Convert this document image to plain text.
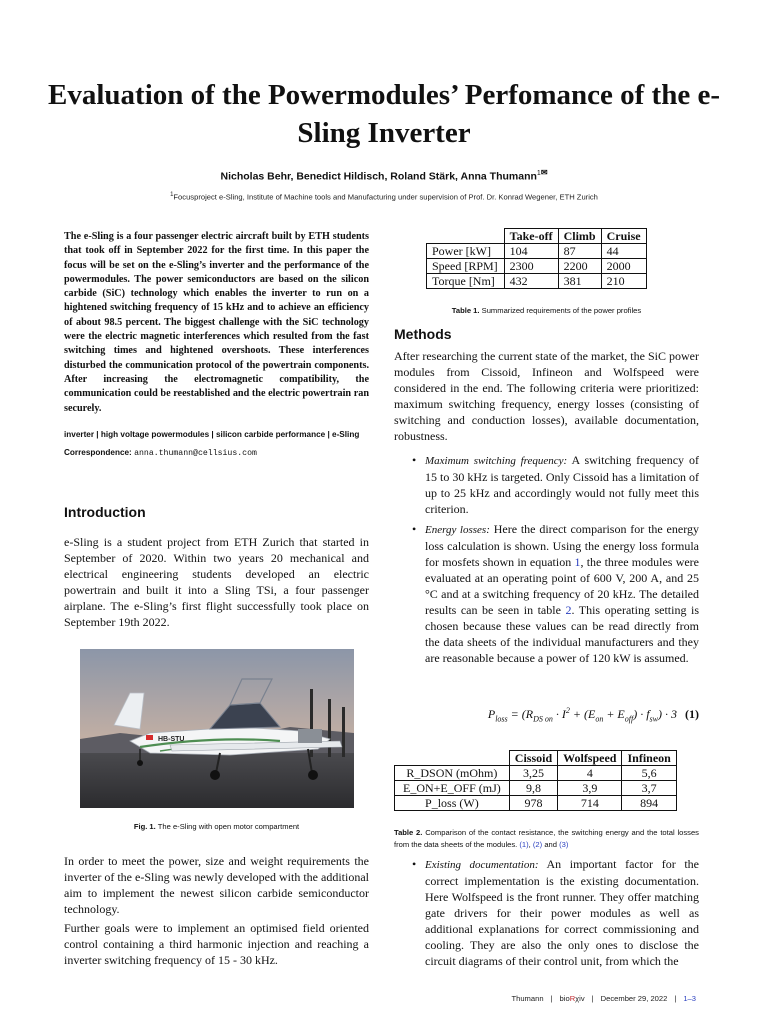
Evaluation of the Powermodules’ Perfomance of the e-Sling Inverter
Nicholas Behr, Benedict Hildisch, Roland Stärk, Anna Thumann$^{1✉}$
$^1$Focusproject e-Sling, Institute of Machine tools and Manufacturing under supervision of Prof. Dr. Konrad Wegener, ETH Zurich

The e-Sling is a four passenger electric aircraft built by ETH students that took off in September 2022 for the first time. In this paper the focus will be set on the e-Sling’s inverter and the performance of the powermodules. The power semiconductors are based on the silicon carbide (SiC) technology which enables the inverter to run on a hightened switching frequency of 15 kHz and to achieve an efficiency of about 98.5 percent. The biggest challenge with the SiC technology were the electric magnetic interferences which resulted from the fast switching times and hightened overshoots. These interferences disturbed the communication protocol of the powertrain components. After increasing the electromagnetic compatibility, the communication could be reestablished and the electric powertrain ran securely.

inverter | high voltage powermodules | silicon carbide performance | e-Sling

Correspondence: anna.thumann@cellsius.com

Introduction

e-Sling is a student project from ETH Zurich that started in September of 2020. Within two years 20 mechanical and electrical engineering students developed an electric powertrain and built it into a Sling TSi, a four passenger airplane. The e-Sling’s first flight successfully took place on September 19th 2022.

HB-STU
Fig. 1. The e-Sling with open motor compartment

In order to meet the power, size and weight requirements the inverter of the e-Sling was newly developed with the additional aim to implement the newest silicon carbide semiconductor technology.

Further goals were to implement an optimised field oriented control containing a third harmonic injection and reaching a inverter switching frequency of 15 - 30 kHz.

	Take-off	Climb	Cruise
Power [kW]	104	87	44
Speed [RPM]	2300	2200	2000
Torque [Nm]	432	381	210
Table 1. Summarized requirements of the power profiles
Methods

After researching the current state of the market, the SiC power modules from Cissoid, Infineon and Wolfspeed were considered in the end. The following criteria were prioritized: maximum switching frequency, energy losses (consisting of switching and conduction losses), available documentation, robustness.

• Maximum switching frequency: A switching frequency of 15 to 30 kHz is targeted. Only Cissoid has a limitation of up to 25 kHz and accordingly would not fully meet this criterion.
• Energy losses: Here the direct comparison for the energy loss calculation is shown. Using the energy loss formula for mosfets shown in equation 1, the three modules were evaluated at an operating point of 600 V, 200 A, and 25 °C and at a switching frequency of 20 kHz. The detailed results can be seen in table 2. This operating setting is chosen because these values can be read directly from the data sheets of the individual manufacturers and they are reasonable because a power of 120 kW is assumed.
$P_{loss} = (R_{DS on} \cdot I^2 + (E_{on} + E_{off}) \cdot f_{sw}) \cdot 3$ (1)
	Cissoid	Wolfspeed	Infineon
R_DSON (mOhm)	3,25	4	5,6
E_ON+E_OFF (mJ)	9,8	3,9	3,7
P_loss (W)	978	714	894
Table 2. Comparison of the contact resistance, the switching energy and the total losses from the data sheets of the modules. (1), (2) and (3)
• Existing documentation: An important factor for the correct implementation is the existing documentation. Here Wolfspeed is the front runner. They offer matching gate drivers for their power modules as well as additional explanations for correct commissioning and cooling. They are also the only ones to disclose the circuit diagrams of their control unit, from which the
Thumann | bioRχiv | December 29, 2022 | 1–3
